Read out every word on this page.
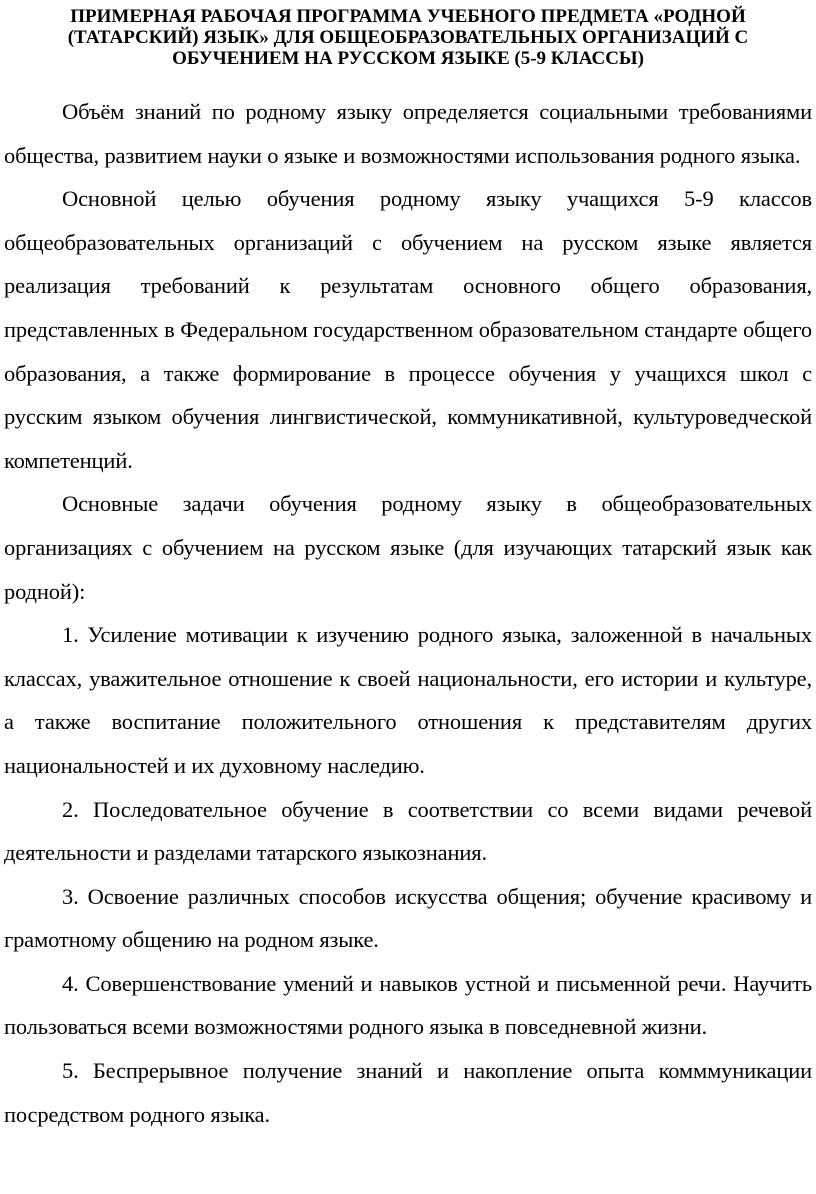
ПРИМЕРНАЯ РАБОЧАЯ ПРОГРАММА УЧЕБНОГО ПРЕДМЕТА «РОДНОЙ
(ТАТАРСКИЙ) ЯЗЫК» ДЛЯ ОБЩЕОБРАЗОВАТЕЛЬНЫХ ОРГАНИЗАЦИЙ С
ОБУЧЕНИЕМ НА РУССКОМ ЯЗЫКЕ (5-9 КЛАССЫ)

Объём знаний по родному языку определяется социальными требованиями общества, развитием науки о языке и возможностями использования родного языка.

Основной целью обучения родному языку учащихся 5-9 классов общеобразовательных организаций с обучением на русском языке является реализация требований к результатам основного общего образования, представленных в Федеральном государственном образовательном стандарте общего образования, а также формирование в процессе обучения у учащихся школ с русским языком обучения лингвистической, коммуникативной, культуроведческой компетенций.

Основные задачи обучения родному языку в общеобразовательных организациях с обучением на русском языке (для изучающих татарский язык как родной):

1. Усиление мотивации к изучению родного языка, заложенной в начальных классах, уважительное отношение к своей национальности, его истории и культуре, а также воспитание положительного отношения к представителям других национальностей и их духовному наследию.

2. Последовательное обучение в соответствии со всеми видами речевой деятельности и разделами татарского языкознания.

3. Освоение различных способов искусства общения; обучение красивому и грамотному общению на родном языке.

4. Совершенствование умений и навыков устной и письменной речи. Научить пользоваться всеми возможностями родного языка в повседневной жизни.

5. Беспрерывное получение знаний и накопление опыта комммуникации посредством родного языка.
